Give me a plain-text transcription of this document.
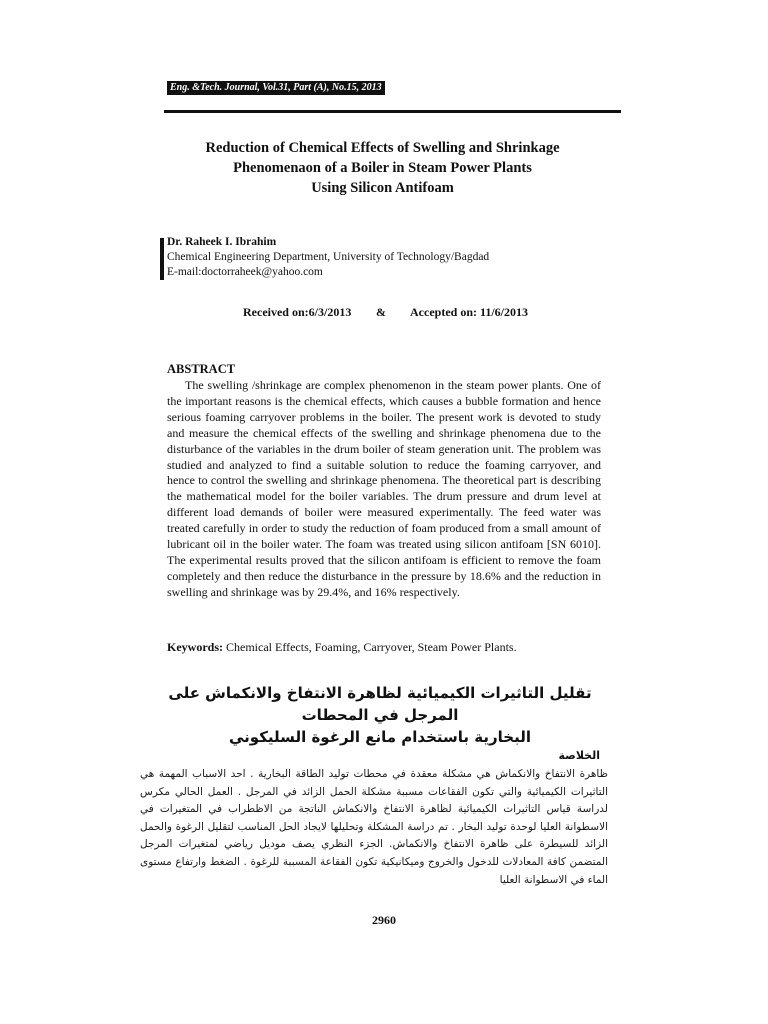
Eng. &Tech. Journal, Vol.31, Part (A), No.15, 2013
Reduction of Chemical Effects of Swelling and Shrinkage
Phenomenaon of a Boiler in Steam Power Plants
Using Silicon Antifoam
Dr. Raheek I. Ibrahim
Chemical Engineering Department, University of Technology/Bagdad
E-mail:doctorraheek@yahoo.com
Received on:6/3/2013 & Accepted on: 11/6/2013
ABSTRACT

The swelling /shrinkage are complex phenomenon in the steam power plants. One of the important reasons is the chemical effects, which causes a bubble formation and hence serious foaming carryover problems in the boiler. The present work is devoted to study and measure the chemical effects of the swelling and shrinkage phenomena due to the disturbance of the variables in the drum boiler of steam generation unit. The problem was studied and analyzed to find a suitable solution to reduce the foaming carryover, and hence to control the swelling and shrinkage phenomena. The theoretical part is describing the mathematical model for the boiler variables. The drum pressure and drum level at different load demands of boiler were measured experimentally. The feed water was treated carefully in order to study the reduction of foam produced from a small amount of lubricant oil in the boiler water. The foam was treated using silicon antifoam [SN 6010]. The experimental results proved that the silicon antifoam is efficient to remove the foam completely and then reduce the disturbance in the pressure by 18.6% and the reduction in swelling and shrinkage was by 29.4%, and 16% respectively.

Keywords: Chemical Effects, Foaming, Carryover, Steam Power Plants.
تقليل التاثيرات الكيميائية لظاهرة الانتفاخ والانكماش على المرجل في المحطات
البخارية باستخدام مانع الرغوة السليكوني
الخلاصة

ظاهرة الانتفاخ والانكماش هي مشكلة معقدة في محطات توليد الطاقة البخارية . احد الاسباب المهمة هي التاثيرات الكيميائية والتي تكون الفقاعات مسببة مشكلة الحمل الزائد في المرجل . العمل الحالي مكرس لدراسة قياس التاثيرات الكيميائية لظاهرة الانتفاخ والانكماش الناتجة من الاظطراب في المتغيرات في الاسطوانة العليا لوحدة توليد البخار . تم دراسة المشكلة وتحليلها لايجاد الحل المناسب لتقليل الرغوة والحمل الزائد للسيطرة على ظاهرة الانتفاخ والانكماش. الجزء النظري يصف موديل رياضي لمتغيرات المرجل المتضمن كافة المعادلات للدخول والخروج وميكانيكية تكون الفقاعة المسببة للرغوة . الضغط وارتفاع مستوى الماء في الاسطوانة العليا

2960
